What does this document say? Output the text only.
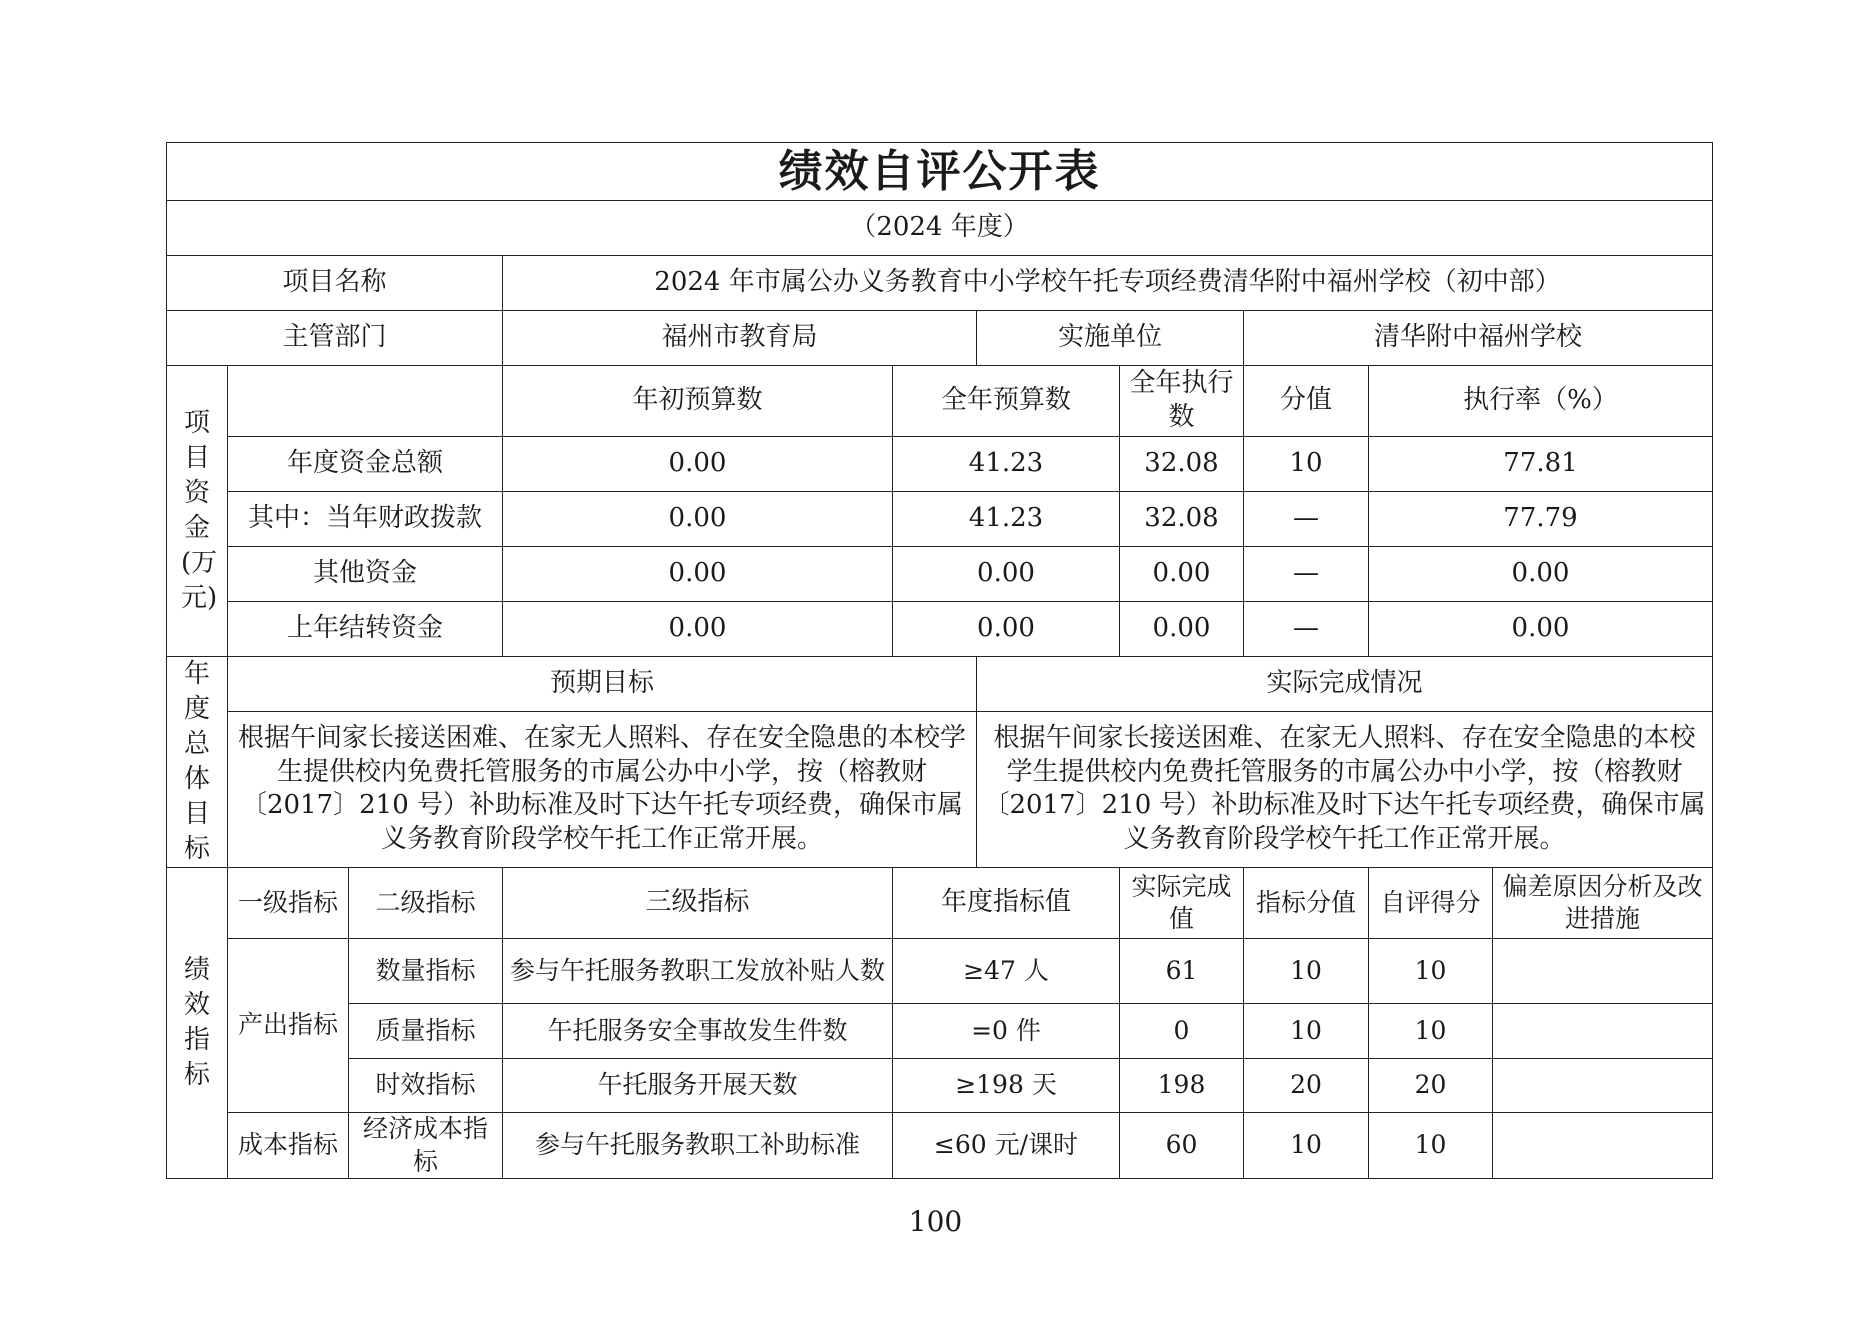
绩效自评公开表										
（2024 年度）										
项目名称			2024 年市属公办义务教育中小学校午托专项经费清华附中福州学校（初中部）							
主管部门			福州市教育局		实施单位		清华附中福州学校			

项目资金(万元)			年初预算数	全年预算数		全年执行数	分值	执行率（%）	
	年度资金总额		0.00	41.23		32.08	10	77.81	
	其中：当年财政拨款		0.00	41.23		32.08	—	77.79		
	其他资金		0.00	0.00		0.00	—	0.00		
	上年结转资金		0.00	0.00		0.00	—	0.00		

年度总体目标	预期目标				实际完成情况					
	根据午间家长接送困难、在家无人照料、存在安全隐患的本校学生提供校内免费托管服务的市属公办中小学，按（榕教财〔2017〕210 号）补助标准及时下达午托专项经费，确保市属义务教育阶段学校午托工作正常开展。				根据午间家长接送困难、在家无人照料、存在安全隐患的本校学生提供校内免费托管服务的市属公办中小学，按（榕教财〔2017〕210 号）补助标准及时下达午托专项经费，确保市属义务教育阶段学校午托工作正常开展。					

绩效指标	一级指标	二级指标	三级指标	年度指标值		实际完成值	指标分值	自评得分	偏差原因分析及改进措施	
	产出指标	数量指标	参与午托服务教职工发放补贴人数	≥47 人		61	10	10		
		质量指标	午托服务安全事故发生件数	=0 件		0	10	10		
		时效指标	午托服务开展天数	≥198 天		198	20	20		
	成本指标	经济成本指标	参与午托服务教职工补助标准	≤60 元/课时		60	10	10		
100
